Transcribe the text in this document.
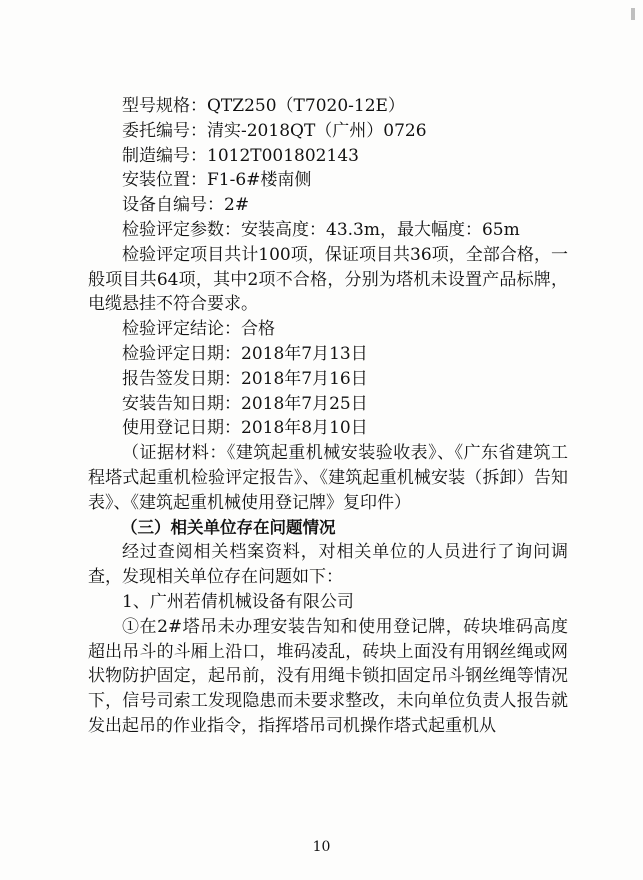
型号规格：QTZ250（T7020-12E）

委托编号：清实-2018QT（广州）0726

制造编号：1012T001802143

安装位置：F1-6#楼南侧

设备自编号：2#

检验评定参数：安装高度：43.3m，最大幅度：65m

检验评定项目共计100项，保证项目共36项，全部合格，一般项目共64项，其中2项不合格，分别为塔机未设置产品标牌，电缆悬挂不符合要求。

检验评定结论：合格

检验评定日期：2018年7月13日

报告签发日期：2018年7月16日

安装告知日期：2018年7月25日

使用登记日期：2018年8月10日

（证据材料：《建筑起重机械安装验收表》、《广东省建筑工程塔式起重机检验评定报告》、《建筑起重机械安装（拆卸）告知表》、《建筑起重机械使用登记牌》复印件）

（三）相关单位存在问题情况

经过查阅相关档案资料，对相关单位的人员进行了询问调查，发现相关单位存在问题如下：

1、广州若倩机械设备有限公司

①在2#塔吊未办理安装告知和使用登记牌，砖块堆码高度超出吊斗的斗厢上沿口，堆码凌乱，砖块上面没有用钢丝绳或网状物防护固定，起吊前，没有用绳卡锁扣固定吊斗钢丝绳等情况下，信号司索工发现隐患而未要求整改，未向单位负责人报告就发出起吊的作业指令，指挥塔吊司机操作塔式起重机从

10
